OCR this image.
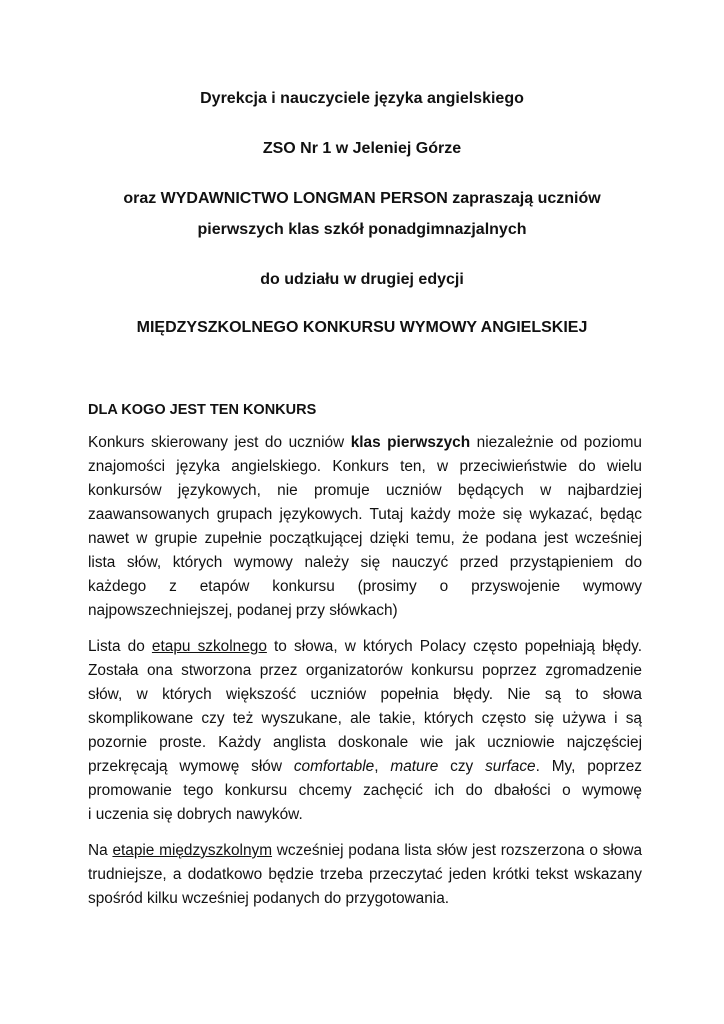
Dyrekcja i nauczyciele języka angielskiego
ZSO Nr 1 w Jeleniej Górze
oraz WYDAWNICTWO LONGMAN PERSON zapraszają uczniów
pierwszych klas szkół ponadgimnazjalnych
do udziału w drugiej edycji
MIĘDZYSZKOLNEGO KONKURSU WYMOWY ANGIELSKIEJ
DLA KOGO JEST TEN KONKURS
Konkurs skierowany jest do uczniów klas pierwszych niezależnie od poziomu
znajomości języka angielskiego. Konkurs ten, w przeciwieństwie do wielu
konkursów językowych, nie promuje uczniów będących w najbardziej
zaawansowanych grupach językowych. Tutaj każdy może się wykazać, będąc
nawet w grupie zupełnie początkującej dzięki temu, że podana jest wcześniej
lista słów, których wymowy należy się nauczyć przed przystąpieniem do
każdego z etapów konkursu (prosimy o przyswojenie wymowy
najpowszechniejszej, podanej przy słówkach)
Lista do etapu szkolnego to słowa, w których Polacy często popełniają błędy.
Została ona stworzona przez organizatorów konkursu poprzez zgromadzenie
słów, w których większość uczniów popełnia błędy. Nie są to słowa
skomplikowane czy też wyszukane, ale takie, których często się używa i są
pozornie proste. Każdy anglista doskonale wie jak uczniowie najczęściej
przekręcają wymowę słów comfortable, mature czy surface. My, poprzez
promowanie tego konkursu chcemy zachęcić ich do dbałości o wymowę
i uczenia się dobrych nawyków.
Na etapie międzyszkolnym wcześniej podana lista słów jest rozszerzona o słowa
trudniejsze, a dodatkowo będzie trzeba przeczytać jeden krótki tekst wskazany
spośród kilku wcześniej podanych do przygotowania.
